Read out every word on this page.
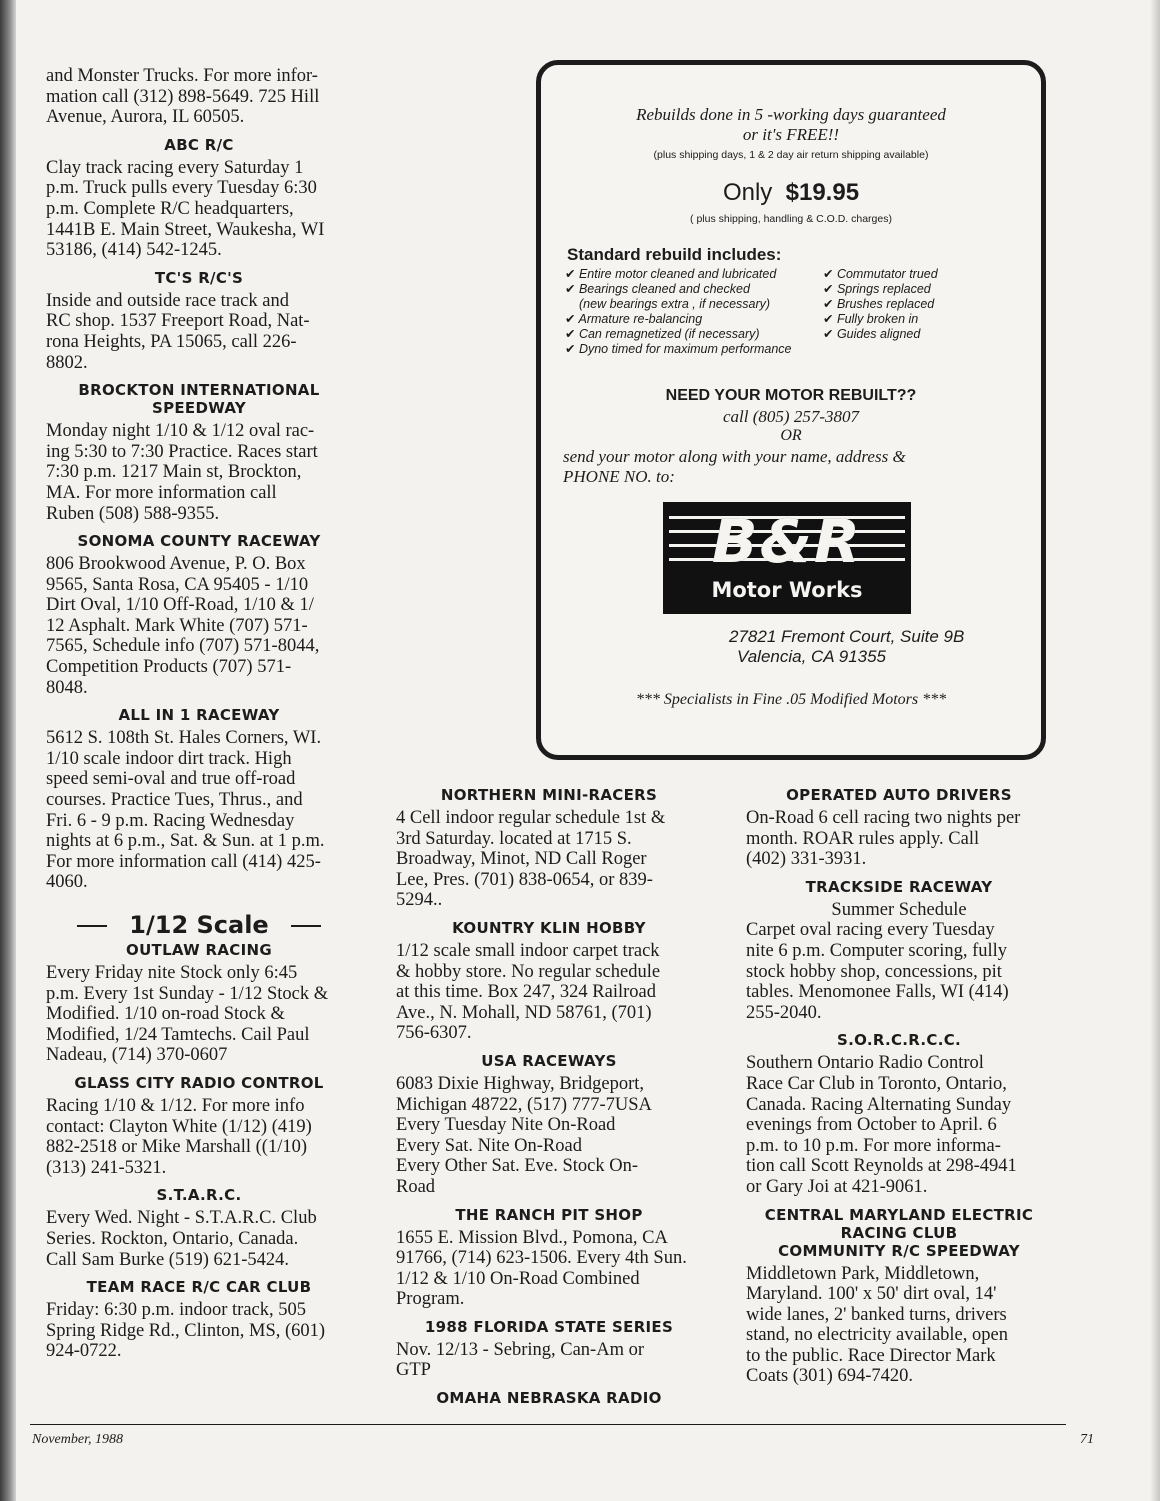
and Monster Trucks. For more infor-
mation call (312) 898-5649. 725 Hill
Avenue, Aurora, IL 60505.

ABC R/C

Clay track racing every Saturday 1
p.m. Truck pulls every Tuesday 6:30
p.m. Complete R/C headquarters,
1441B E. Main Street, Waukesha, WI
53186, (414) 542-1245.

TC'S R/C'S

Inside and outside race track and
RC shop. 1537 Freeport Road, Nat-
rona Heights, PA 15065, call 226-
8802.

BROCKTON INTERNATIONAL
SPEEDWAY

Monday night 1/10 & 1/12 oval rac-
ing 5:30 to 7:30 Practice. Races start
7:30 p.m. 1217 Main st, Brockton,
MA. For more information call
Ruben (508) 588-9355.

SONOMA COUNTY RACEWAY

806 Brookwood Avenue, P. O. Box
9565, Santa Rosa, CA 95405 - 1/10
Dirt Oval, 1/10 Off-Road, 1/10 & 1/
12 Asphalt. Mark White (707) 571-
7565, Schedule info (707) 571-8044,
Competition Products (707) 571-
8048.

ALL IN 1 RACEWAY

5612 S. 108th St. Hales Corners, WI.
1/10 scale indoor dirt track. High
speed semi-oval and true off-road
courses. Practice Tues, Thrus., and
Fri. 6 - 9 p.m. Racing Wednesday
nights at 6 p.m., Sat. & Sun. at 1 p.m.
For more information call (414) 425-
4060.

1/12 Scale
OUTLAW RACING

Every Friday nite Stock only 6:45
p.m. Every 1st Sunday - 1/12 Stock &
Modified. 1/10 on-road Stock &
Modified, 1/24 Tamtechs. Cail Paul
Nadeau, (714) 370-0607

GLASS CITY RADIO CONTROL

Racing 1/10 & 1/12. For more info
contact: Clayton White (1/12) (419)
882-2518 or Mike Marshall ((1/10)
(313) 241-5321.

S.T.A.R.C.

Every Wed. Night - S.T.A.R.C. Club
Series. Rockton, Ontario, Canada.
Call Sam Burke (519) 621-5424.

TEAM RACE R/C CAR CLUB

Friday: 6:30 p.m. indoor track, 505
Spring Ridge Rd., Clinton, MS, (601)
924-0722.

Rebuilds done in 5 -working days guaranteed
or it's FREE!!
(plus shipping days, 1 & 2 day air return shipping available)
Only $19.95
( plus shipping, handling & C.O.D. charges)
Standard rebuild includes:
✔ Entire motor cleaned and lubricated
✔ Bearings cleaned and checked
(new bearings extra , if necessary)
✔ Armature re-balancing
✔ Can remagnetized (if necessary)
✔ Dyno timed for maximum performance
✔ Commutator trued
✔ Springs replaced
✔ Brushes replaced
✔ Fully broken in
✔ Guides aligned
NEED YOUR MOTOR REBUILT??
call (805) 257-3807
OR
send your motor along with your name, address &
PHONE NO. to:
B&R
Motor Works
27821 Fremont Court, Suite 9B
Valencia, CA 91355
*** Specialists in Fine .05 Modified Motors ***
NORTHERN MINI-RACERS

4 Cell indoor regular schedule 1st &
3rd Saturday. located at 1715 S.
Broadway, Minot, ND Call Roger
Lee, Pres. (701) 838-0654, or 839-
5294..

KOUNTRY KLIN HOBBY

1/12 scale small indoor carpet track
& hobby store. No regular schedule
at this time. Box 247, 324 Railroad
Ave., N. Mohall, ND 58761, (701)
756-6307.

USA RACEWAYS

6083 Dixie Highway, Bridgeport,
Michigan 48722, (517) 777-7USA
Every Tuesday Nite On-Road
Every Sat. Nite On-Road
Every Other Sat. Eve. Stock On-
Road

THE RANCH PIT SHOP

1655 E. Mission Blvd., Pomona, CA
91766, (714) 623-1506. Every 4th Sun.
1/12 & 1/10 On-Road Combined
Program.

1988 FLORIDA STATE SERIES

Nov. 12/13 - Sebring, Can-Am or
GTP

OMAHA NEBRASKA RADIO
OPERATED AUTO DRIVERS

On-Road 6 cell racing two nights per
month. ROAR rules apply. Call
(402) 331-3931.

TRACKSIDE RACEWAY

Summer Schedule

Carpet oval racing every Tuesday
nite 6 p.m. Computer scoring, fully
stock hobby shop, concessions, pit
tables. Menomonee Falls, WI (414)
255-2040.

S.O.R.C.R.C.C.

Southern Ontario Radio Control
Race Car Club in Toronto, Ontario,
Canada. Racing Alternating Sunday
evenings from October to April. 6
p.m. to 10 p.m. For more informa-
tion call Scott Reynolds at 298-4941
or Gary Joi at 421-9061.

CENTRAL MARYLAND ELECTRIC
RACING CLUB
COMMUNITY R/C SPEEDWAY

Middletown Park, Middletown,
Maryland. 100' x 50' dirt oval, 14'
wide lanes, 2' banked turns, drivers
stand, no electricity available, open
to the public. Race Director Mark
Coats (301) 694-7420.

November, 1988	71
